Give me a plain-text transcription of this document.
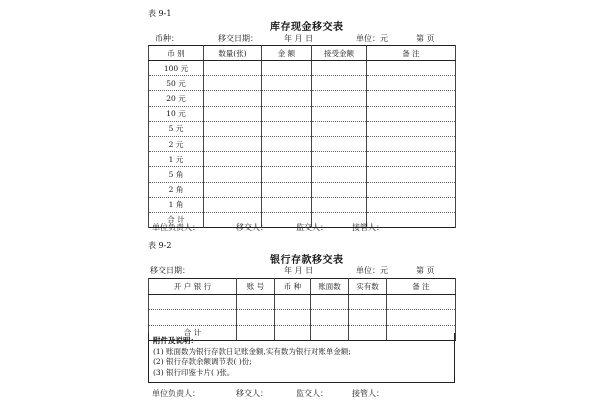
表 9-1
库存现金移交表
币种：	移交日期：	年 月 日	单位：元	第 页
币 别	数量(张)	金 额	接受金额	备 注
100 元				
50 元				
20 元				
10 元				
5 元				
2 元				
1 元				
5 角				
2 角				
1 角				
合 计				
单位负责人：	移交人：	监交人：	接管人：
表 9-2
银行存款移交表
移交日期：	年 月 日	单位：元	第 页
开 户 银 行	账 号	币 种	账面数	实有数	备 注

合 计					
附件及说明：
(1) 账面数为银行存款日记账金额,实有数为银行对账单金额;
(2) 银行存款余额调节表( )份;
(3) 银行印鉴卡片( )张。
单位负责人：	移交人：	监交人：	接管人：
